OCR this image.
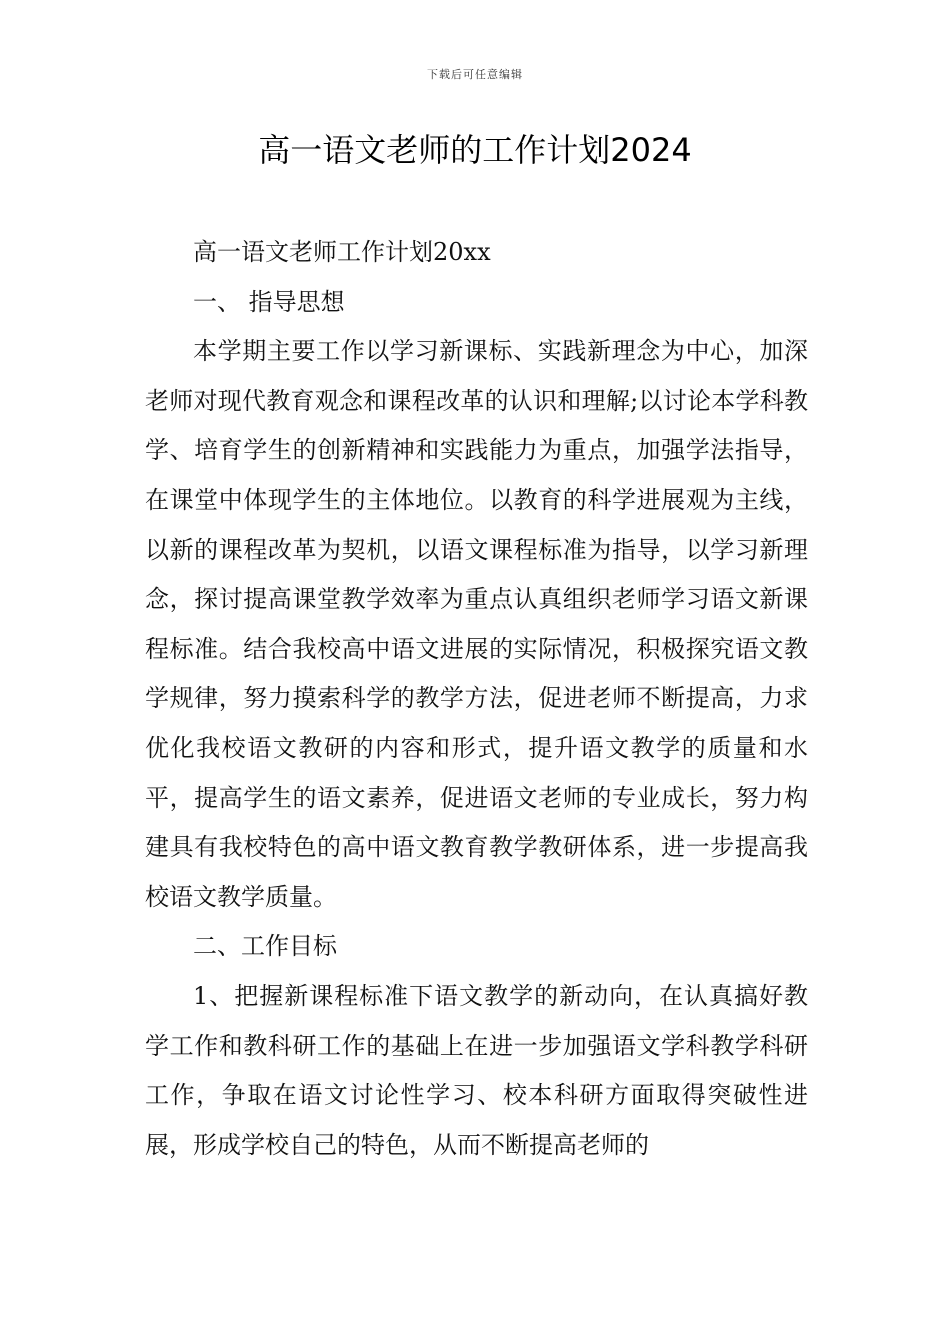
下载后可任意编辑
高一语文老师的工作计划2024

高一语文老师工作计划20xx

一、 指导思想

本学期主要工作以学习新课标、实践新理念为中心，加深老师对现代教育观念和课程改革的认识和理解;以讨论本学科教学、培育学生的创新精神和实践能力为重点，加强学法指导，在课堂中体现学生的主体地位。以教育的科学进展观为主线，以新的课程改革为契机，以语文课程标准为指导，以学习新理念，探讨提高课堂教学效率为重点认真组织老师学习语文新课程标准。结合我校高中语文进展的实际情况，积极探究语文教学规律，努力摸索科学的教学方法，促进老师不断提高，力求优化我校语文教研的内容和形式，提升语文教学的质量和水平，提高学生的语文素养，促进语文老师的专业成长，努力构建具有我校特色的高中语文教育教学教研体系，进一步提高我校语文教学质量。

二、工作目标

1、把握新课程标准下语文教学的新动向，在认真搞好教学工作和教科研工作的基础上在进一步加强语文学科教学科研工作，争取在语文讨论性学习、校本科研方面取得突破性进展，形成学校自己的特色，从而不断提高老师的
